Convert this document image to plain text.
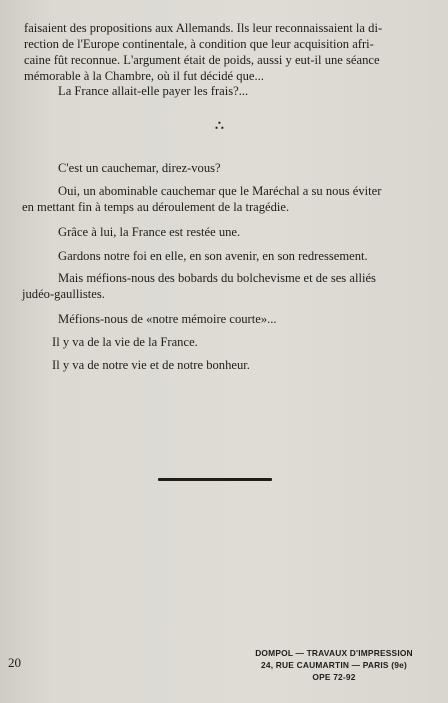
faisaient des propositions aux Allemands. Ils leur reconnaissaient la di-
rection de l'Europe continentale, à condition que leur acquisition afri-
caine fût reconnue. L'argument était de poids, aussi y eut-il une séance
mémorable à la Chambre, où il fut décidé que...
La France allait-elle payer les frais?...
∴
C'est un cauchemar, direz-vous?
Oui, un abominable cauchemar que le Maréchal a su nous éviter
en mettant fin à temps au déroulement de la tragédie.
Grâce à lui, la France est restée une.
Gardons notre foi en elle, en son avenir, en son redressement.
Mais méfions-nous des bobards du bolchevisme et de ses alliés
judéo-gaullistes.
Méfions-nous de «notre mémoire courte»...
Il y va de la vie de la France.
Il y va de notre vie et de notre bonheur.
20
DOMPOL — TRAVAUX D'IMPRESSION
24, RUE CAUMARTIN — PARIS (9e)
OPE 72-92
